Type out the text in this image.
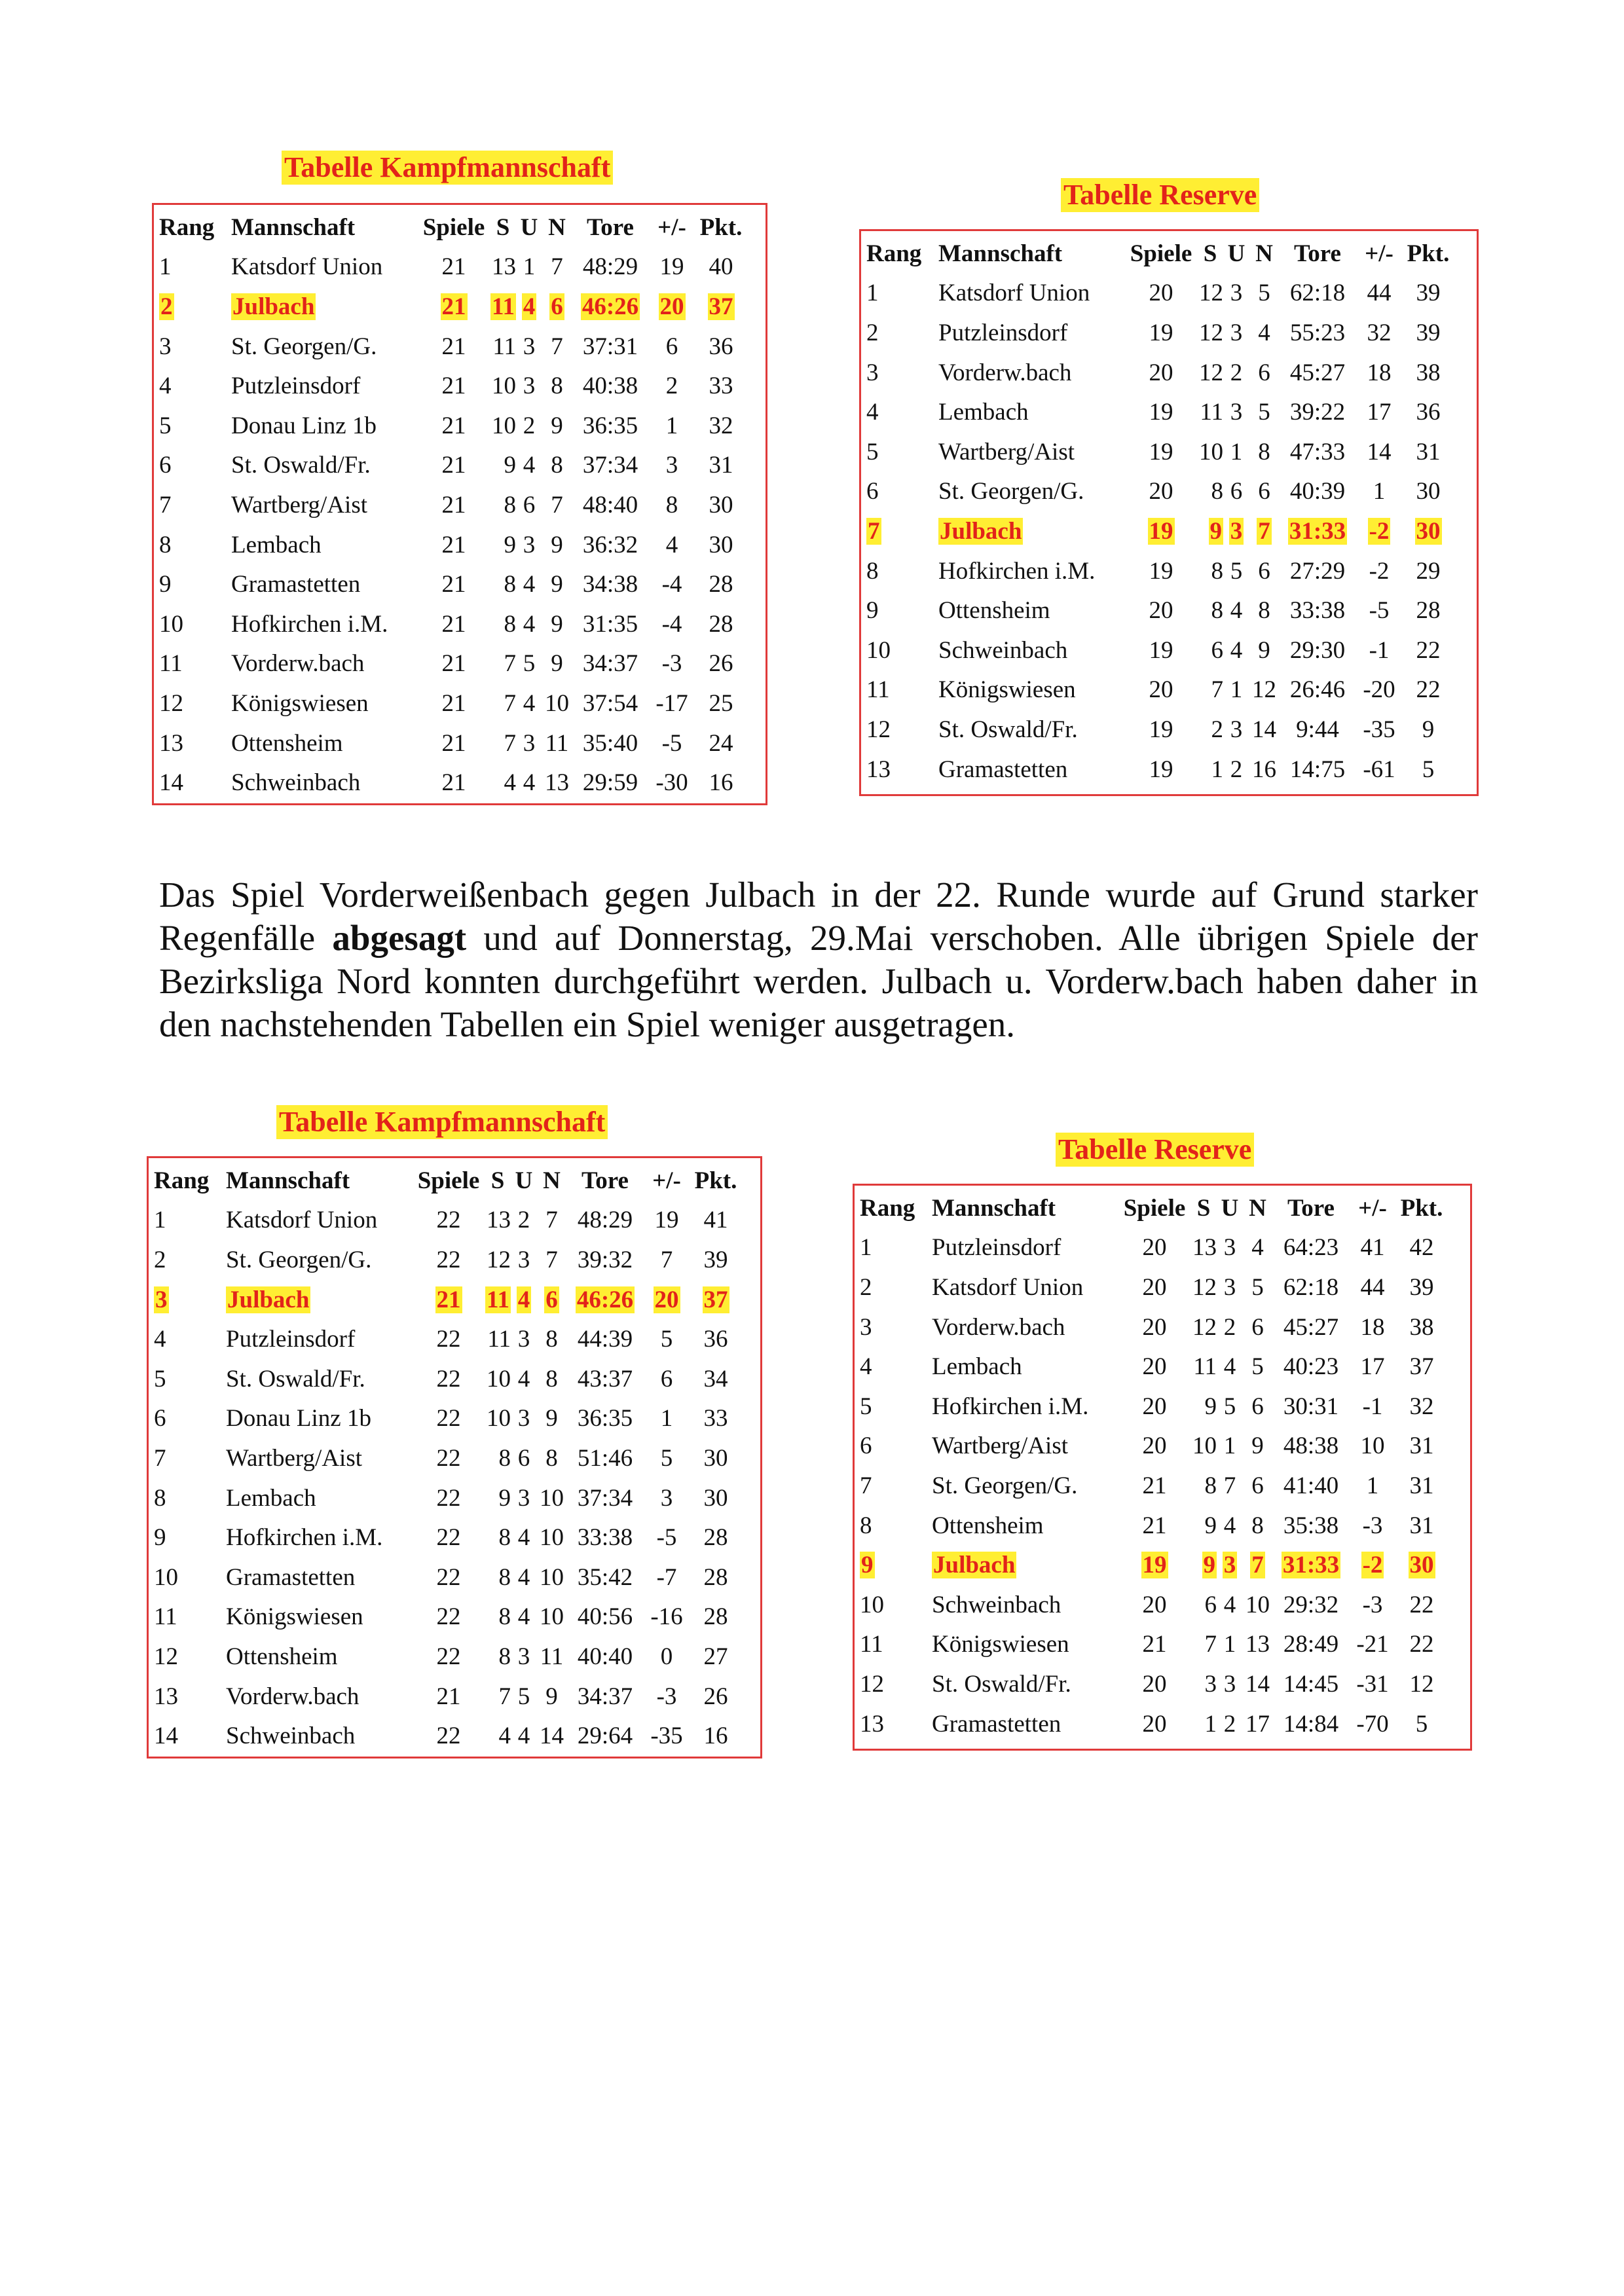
Tabelle Kampfmannschaft
Rang	Mannschaft	Spiele	S	U	N	Tore	+/-	Pkt.
1	Katsdorf Union	21	13	1	7	48:29	19	40
2	Julbach	21	11	4	6	46:26	20	37
3	St. Georgen/G.	21	11	3	7	37:31	6	36
4	Putzleinsdorf	21	10	3	8	40:38	2	33
5	Donau Linz 1b	21	10	2	9	36:35	1	32
6	St. Oswald/Fr.	21	9	4	8	37:34	3	31
7	Wartberg/Aist	21	8	6	7	48:40	8	30
8	Lembach	21	9	3	9	36:32	4	30
9	Gramastetten	21	8	4	9	34:38	-4	28
10	Hofkirchen i.M.	21	8	4	9	31:35	-4	28
11	Vorderw.bach	21	7	5	9	34:37	-3	26
12	Königswiesen	21	7	4	10	37:54	-17	25
13	Ottensheim	21	7	3	11	35:40	-5	24
14	Schweinbach	21	4	4	13	29:59	-30	16
Tabelle Reserve
Rang	Mannschaft	Spiele	S	U	N	Tore	+/-	Pkt.
1	Katsdorf Union	20	12	3	5	62:18	44	39
2	Putzleinsdorf	19	12	3	4	55:23	32	39
3	Vorderw.bach	20	12	2	6	45:27	18	38
4	Lembach	19	11	3	5	39:22	17	36
5	Wartberg/Aist	19	10	1	8	47:33	14	31
6	St. Georgen/G.	20	8	6	6	40:39	1	30
7	Julbach	19	9	3	7	31:33	-2	30
8	Hofkirchen i.M.	19	8	5	6	27:29	-2	29
9	Ottensheim	20	8	4	8	33:38	-5	28
10	Schweinbach	19	6	4	9	29:30	-1	22
11	Königswiesen	20	7	1	12	26:46	-20	22
12	St. Oswald/Fr.	19	2	3	14	9:44	-35	9
13	Gramastetten	19	1	2	16	14:75	-61	5
Das Spiel Vorderweißenbach gegen Julbach in der 22. Runde wurde auf Grund starker Regenfälle abgesagt und auf Donnerstag, 29.Mai verschoben. Alle übrigen Spiele der Bezirksliga Nord konnten durchgeführt werden. Julbach u. Vorderw.bach haben daher in den nachstehenden Tabellen ein Spiel weniger ausgetragen.
Tabelle Kampfmannschaft
Rang	Mannschaft	Spiele	S	U	N	Tore	+/-	Pkt.
1	Katsdorf Union	22	13	2	7	48:29	19	41
2	St. Georgen/G.	22	12	3	7	39:32	7	39
3	Julbach	21	11	4	6	46:26	20	37
4	Putzleinsdorf	22	11	3	8	44:39	5	36
5	St. Oswald/Fr.	22	10	4	8	43:37	6	34
6	Donau Linz 1b	22	10	3	9	36:35	1	33
7	Wartberg/Aist	22	8	6	8	51:46	5	30
8	Lembach	22	9	3	10	37:34	3	30
9	Hofkirchen i.M.	22	8	4	10	33:38	-5	28
10	Gramastetten	22	8	4	10	35:42	-7	28
11	Königswiesen	22	8	4	10	40:56	-16	28
12	Ottensheim	22	8	3	11	40:40	0	27
13	Vorderw.bach	21	7	5	9	34:37	-3	26
14	Schweinbach	22	4	4	14	29:64	-35	16
Tabelle Reserve
Rang	Mannschaft	Spiele	S	U	N	Tore	+/-	Pkt.
1	Putzleinsdorf	20	13	3	4	64:23	41	42
2	Katsdorf Union	20	12	3	5	62:18	44	39
3	Vorderw.bach	20	12	2	6	45:27	18	38
4	Lembach	20	11	4	5	40:23	17	37
5	Hofkirchen i.M.	20	9	5	6	30:31	-1	32
6	Wartberg/Aist	20	10	1	9	48:38	10	31
7	St. Georgen/G.	21	8	7	6	41:40	1	31
8	Ottensheim	21	9	4	8	35:38	-3	31
9	Julbach	19	9	3	7	31:33	-2	30
10	Schweinbach	20	6	4	10	29:32	-3	22
11	Königswiesen	21	7	1	13	28:49	-21	22
12	St. Oswald/Fr.	20	3	3	14	14:45	-31	12
13	Gramastetten	20	1	2	17	14:84	-70	5
